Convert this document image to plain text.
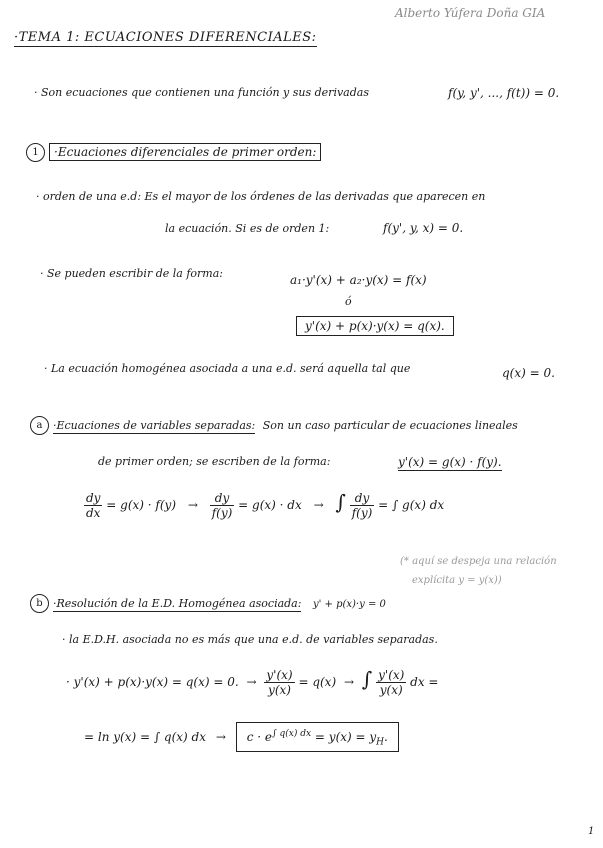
Alberto Yúfera Doña GIA
·TEMA 1: ECUACIONES DIFERENCIALES:
· Son ecuaciones que contienen una función y sus derivadas	f(y, y', ..., f(t)) = 0.
1 ·Ecuaciones diferenciales de primer orden:
· orden de una e.d: Es el mayor de los órdenes de las derivadas que aparecen en
la ecuación. Si es de orden 1:	f(y', y, x) = 0.
· Se pueden escribir de la forma:	a₁·y'(x) + a₂·y(x) = f(x)
ó
y'(x) + p(x)·y(x) = q(x).
· La ecuación homogénea asociada a una e.d. será aquella tal que	q(x) = 0.
a ·Ecuaciones de variables separadas: Son un caso particular de ecuaciones lineales
de primer orden; se escriben de la forma:	y'(x) = g(x) · f(y).
$\frac{dy}{dx} = g(x) \cdot f(y) \to \frac{dy}{f(y)} = g(x)$ · dx → ∫ $\frac{dy}{f(y)}$ = ∫ g(x) dx
(* aquí se despeja una relación
explícita y = y(x))
b ·Resolución de la E.D. Homogénea asociada: y' + p(x)·y = 0
· la E.D.H. asociada no es más que una e.d. de variables separadas.
· y'(x) + p(x)·y(x) = q(x) = 0. → $\frac{y'(x)}{y(x)} = q(x)$ → ∫ $\frac{y'(x)}{y(x)}$ dx =
= ln y(x) = ∫ q(x) dx → $c \cdot e^{\int q(x) dx} = y(x) = y_H$.
1
